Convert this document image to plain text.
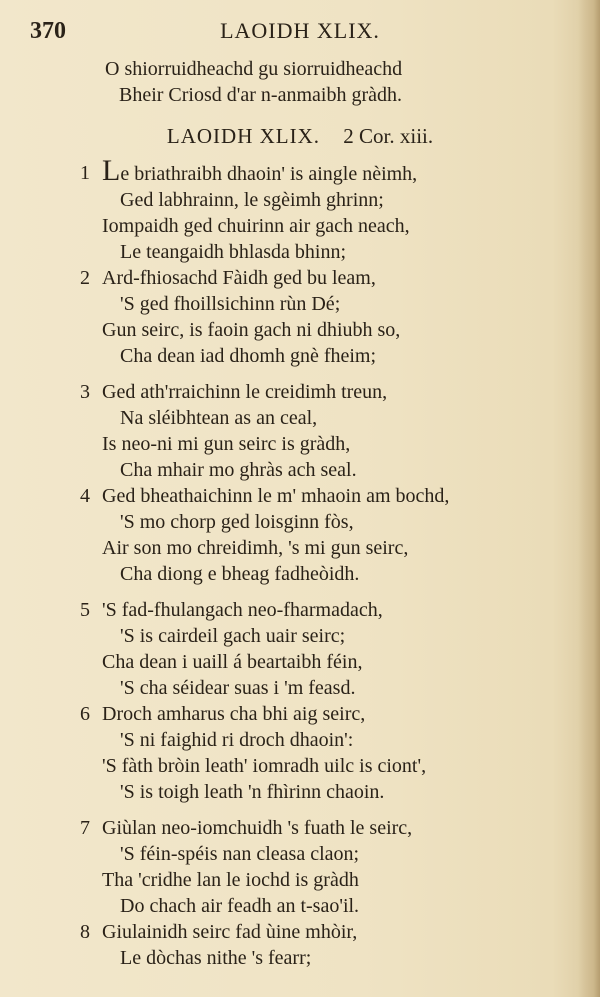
370	LAOIDH XLIX.
O shiorruidheachd gu siorruidheachd
Bheir Criosd d'ar n-anmaibh gràdh.
LAOIDH XLIX. 2 Cor. xiii.
1 Le briathraibh dhaoin' is aingle nèimh,
Ged labhrainn, le sgèimh ghrinn;
Iompaidh ged chuirinn air gach neach,
Le teangaidh bhlasda bhinn;
2 Ard-fhiosachd Fàidh ged bu leam,
'S ged fhoillsichinn rùn Dé;
Gun seirc, is faoin gach ni dhiubh so,
Cha dean iad dhomh gnè fheim;
3 Ged ath'rraichinn le creidimh treun,
Na sléibhtean as an ceal,
Is neo-ni mi gun seirc is gràdh,
Cha mhair mo ghràs ach seal.
4 Ged bheathaichinn le m' mhaoin am bochd,
'S mo chorp ged loisginn fòs,
Air son mo chreidimh, 's mi gun seirc,
Cha diong e bheag fadheòidh.
5 'S fad-fhulangach neo-fharmadach,
'S is cairdeil gach uair seirc;
Cha dean i uaill á beartaibh féin,
'S cha séidear suas i 'm feasd.
6 Droch amharus cha bhi aig seirc,
'S ni faighid ri droch dhaoin':
'S fàth bròin leath' iomradh uilc is ciont',
'S is toigh leath 'n fhìrinn chaoin.
7 Giùlan neo-iomchuidh 's fuath le seirc,
'S féin-spéis nan cleasa claon;
Tha 'cridhe lan le iochd is gràdh
Do chach air feadh an t-sao'il.
8 Giulainidh seirc fad ùine mhòir,
Le dòchas nithe 's fearr;
